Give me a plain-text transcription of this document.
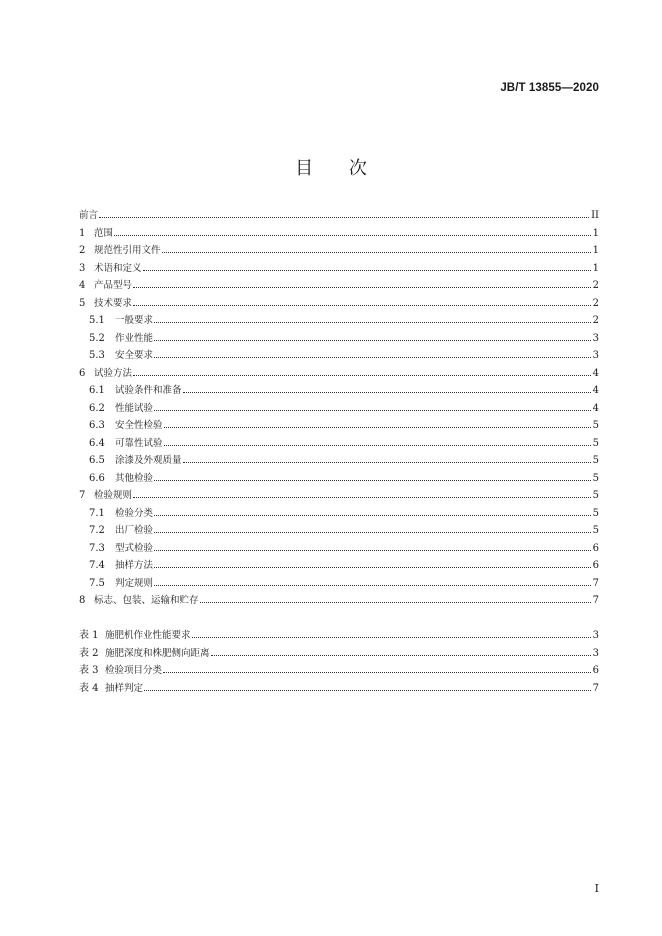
JB/T 13855—2020
目 次
前言	II
1 范围	1
2 规范性引用文件	1
3 术语和定义	1
4 产品型号	2
5 技术要求	2
5.1	一般要求	2
5.2	作业性能	3
5.3	安全要求	3
6 试验方法	4
6.1	试验条件和准备	4
6.2	性能试验	4
6.3	安全性检验	5
6.4	可靠性试验	5
6.5	涂漆及外观质量	5
6.6	其他检验	5
7 检验规则	5
7.1	检验分类	5
7.2	出厂检验	5
7.3	型式检验	6
7.4	抽样方法	6
7.5	判定规则	7
8 标志、包装、运输和贮存	7
表 1 施肥机作业性能要求	3
表 2 施肥深度和株肥侧向距离	3
表 3 检验项目分类	6
表 4 抽样判定	7
I
